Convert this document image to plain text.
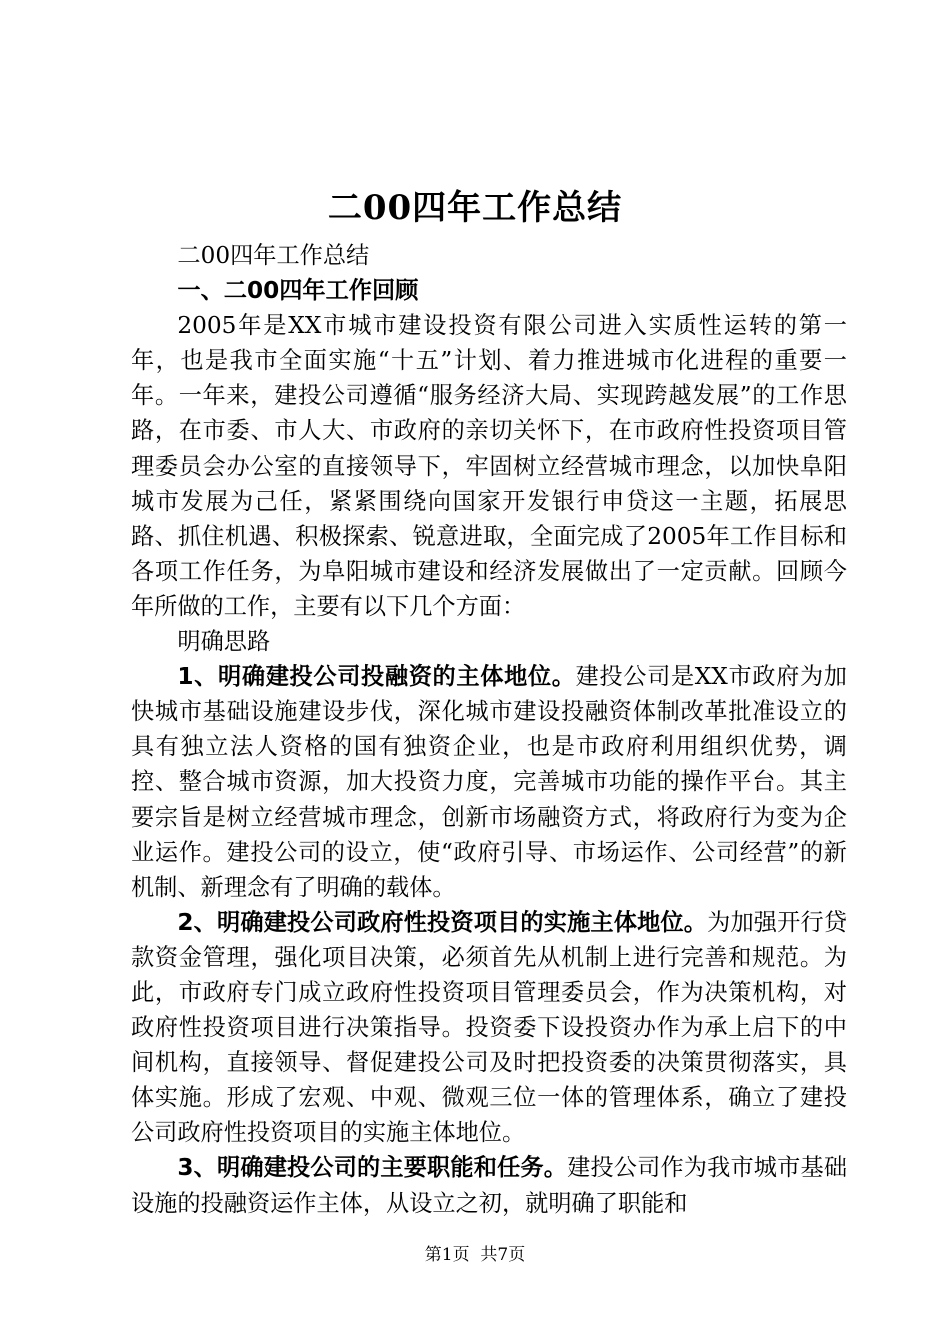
二00四年工作总结

二00四年工作总结

一、二00四年工作回顾

2005年是XX市城市建设投资有限公司进入实质性运转的第一年，也是我市全面实施“十五”计划、着力推进城市化进程的重要一年。一年来，建投公司遵循“服务经济大局、实现跨越发展”的工作思路，在市委、市人大、市政府的亲切关怀下，在市政府性投资项目管理委员会办公室的直接领导下，牢固树立经营城市理念，以加快阜阳城市发展为己任，紧紧围绕向国家开发银行申贷这一主题，拓展思路、抓住机遇、积极探索、锐意进取，全面完成了2005年工作目标和各项工作任务，为阜阳城市建设和经济发展做出了一定贡献。回顾今年所做的工作，主要有以下几个方面：

明确思路

1、明确建投公司投融资的主体地位。建投公司是XX市政府为加快城市基础设施建设步伐，深化城市建设投融资体制改革批准设立的具有独立法人资格的国有独资企业，也是市政府利用组织优势，调控、整合城市资源，加大投资力度，完善城市功能的操作平台。其主要宗旨是树立经营城市理念，创新市场融资方式，将政府行为变为企业运作。建投公司的设立，使“政府引导、市场运作、公司经营”的新机制、新理念有了明确的载体。

2、明确建投公司政府性投资项目的实施主体地位。为加强开行贷款资金管理，强化项目决策，必须首先从机制上进行完善和规范。为此，市政府专门成立政府性投资项目管理委员会，作为决策机构，对政府性投资项目进行决策指导。投资委下设投资办作为承上启下的中间机构，直接领导、督促建投公司及时把投资委的决策贯彻落实，具体实施。形成了宏观、中观、微观三位一体的管理体系，确立了建投公司政府性投资项目的实施主体地位。

3、明确建投公司的主要职能和任务。建投公司作为我市城市基础设施的投融资运作主体，从设立之初，就明确了职能和

第1页  共7页
